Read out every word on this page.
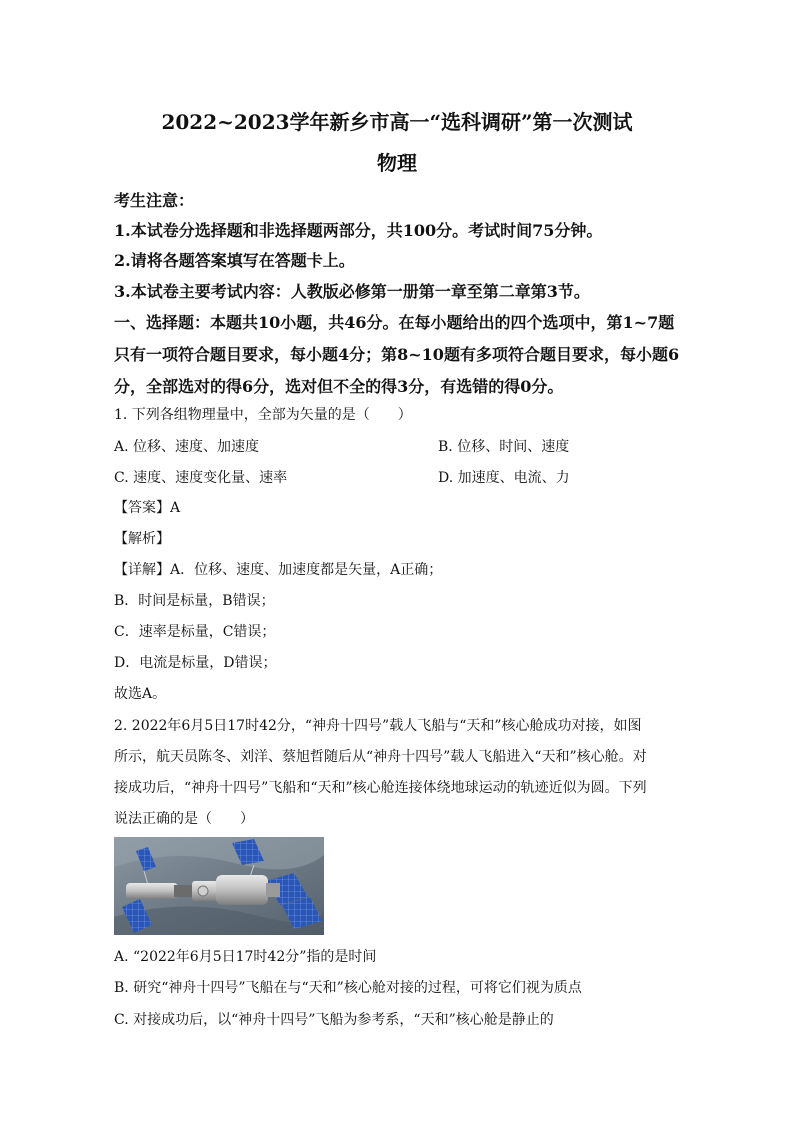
2022~2023学年新乡市高一“选科调研”第一次测试
物理
考生注意：
1.本试卷分选择题和非选择题两部分，共100分。考试时间75分钟。
2.请将各题答案填写在答题卡上。
3.本试卷主要考试内容：人教版必修第一册第一章至第二章第3节。
一、选择题：本题共10小题，共46分。在每小题给出的四个选项中，第1~7题
只有一项符合题目要求，每小题4分；第8~10题有多项符合题目要求，每小题6
分，全部选对的得6分，选对但不全的得3分，有选错的得0分。
1. 下列各组物理量中，全部为矢量的是（　　）
A. 位移、速度、加速度	B. 位移、时间、速度
C. 速度、速度变化量、速率	D. 加速度、电流、力
【答案】A
【解析】
【详解】A．位移、速度、加速度都是矢量，A正确；
B．时间是标量，B错误；
C．速率是标量，C错误；
D．电流是标量，D错误；
故选A。
2. 2022年6月5日17时42分，“神舟十四号”载人飞船与“天和”核心舱成功对接，如图
所示，航天员陈冬、刘洋、蔡旭哲随后从“神舟十四号”载人飞船进入“天和”核心舱。对
接成功后，“神舟十四号”飞船和“天和”核心舱连接体绕地球运动的轨迹近似为圆。下列
说法正确的是（　　）
A. “2022年6月5日17时42分”指的是时间
B. 研究“神舟十四号”飞船在与“天和”核心舱对接的过程，可将它们视为质点
C. 对接成功后，以“神舟十四号”飞船为参考系，“天和”核心舱是静止的
